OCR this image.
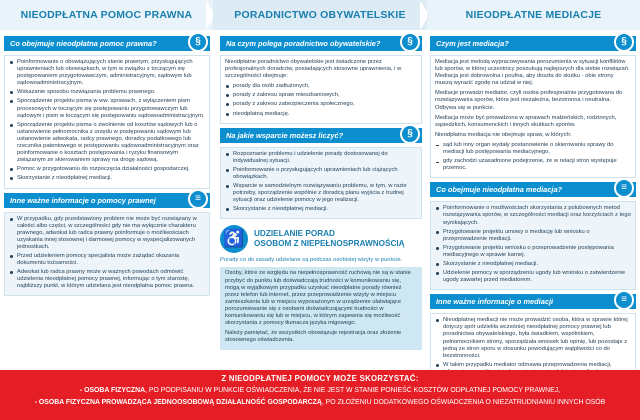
NIEODPŁATNA POMOC PRAWNA	PORADNICTWO OBYWATELSKIE	NIEODPŁATNE MEDIACJE
Co obejmuje nieodpłatna pomoc prawna?	§
Poinformowanie o obowiązujących stanie prawnym, przysługujących uprawnieniach lub obowiązkach, w tym w związku z toczącym się postępowaniem przygotowawczym, administracyjnym, sądowym lub sądowoadministracyjnym.
Wskazanie sposobu rozwiązania problemu prawnego.
Sporządzenie projektu pisma w ww. sprawach, z wyłączeniem pism procesowych w toczącym się postępowaniu przygotowawczym lub sądowym i pism w toczącym się postępowaniu sądowoadministracyjnym.
Sporządzenie projektu pisma o zwolnienie od kosztów sądowych lub o ustanowienie pełnomocnika z urzędu w postępowaniu sądowym lub ustanowienie adwokata, radcy prawnego, doradcy podatkowego lub rzecznika patentowego w postępowaniu sądowoadministracyjnym oraz poinformowanie o kosztach postępowania i ryzyku finansowym związanym ze skierowaniem sprawy na drogę sądową.
Pomoc w przygotowaniu do rozpoczęcia działalności gospodarczej.
Skorzystanie z nieodpłatnej mediacji.
Inne ważne informacje o pomocy prawnej	≡
W przypadku, gdy przedstawiony problem nie może być rozwiązany w całości albo części, w szczególności gdy nie ma wyłącznie charakteru prawnego, adwokat lub radca prawny poinformuje o możliwościach uzyskania innej stosownej i darmowej pomocy w wyspecjalizowanych jednostkach.
Przed udzieleniem pomocy specjalista może zażądać okazania dokumentu tożsamości.
Adwokat lub radca prawny może w ważnych powodach odmówić udzielenia nieodpłatnej pomocy prawnej, informując o tym starostę, najbliższy punkt, w którym udzielana jest nieodpłatna pomoc prawna.
Na czym polega poradnictwo obywatelskie?	§

Nieodpłatne poradnictwo obywatelskie jest świadczone przez profesjonalnych doradców, posiadających stosowne uprawnienia, i w szczególności obejmuje:

porady dla osób zadłużonych,
porady z zakresu spraw mieszkaniowych,
porady z zakresu zabezpieczenia społecznego,
nieodpłatną mediację.
Na jakie wsparcie możesz liczyć?	§
Rozpoznanie problemu i udzielenie porady dostosowanej do indywidualnej sytuacji.
Poinformowanie o przysługujących uprawnieniach lub ciążących obowiązkach.
Wsparcie w samodzielnym rozwiązywaniu problemu, w tym, w razie potrzeby, sporządzenie wspólnie z doradcą planu wyjścia z trudnej sytuacji oraz udzielenie pomocy w jego realizacji.
Skorzystanie z nieodpłatnej mediacji.
♿	UDZIELANIE PORAD
OSOBOM Z NIEPEŁNOSPRAWNOŚCIĄ

Porady co do zasady udzielane są podczas osobistej wizyty w punkcie.

Osoby, które ze względu na niepełnosprawność ruchową nie są w stanie przybyć do punktu lub doświadczają trudności w komunikowaniu się, mogą w wyjątkowym przypadku uzyskać nieodpłatne porady również przez telefon lub internet, przez przeprowadzenie wizyty w miejscu zamieszkania lub w miejscu wyposażonym w urządzenie ułatwiające porozumiewanie się z osobami doświadczającymi trudności w komunikowaniu się lub w miejscu, w którym zapewnia się możliwość skorzystania z pomocy tłumacza języka migowego.

Należy pamiętać, że wszystkich obowiązuje rejestracja oraz złożenie stosownego oświadczenia.

Czym jest mediacja?	§

Mediacja jest metodą wypracowywania porozumienia w sytuacji konfliktów lub sporów, w której uczestnicy poszukują najlepszych dla siebie rozwiązań. Mediacja jest dobrowolna i poufna, aby doszła do skutku - obie strony muszą wyrazić zgodę na udział w niej.

Mediacje prowadzi mediator, czyli osoba profesjonalnie przygotowana do rozwiązywania sporów, która jest niezależna, bezstronna i neutralna. Odbywa się w punkcie.

Mediacja może być prowadzona w sprawach małżeńskich, rodzinnych, sąsiedzkich, konsumenckich i innych skutkach sporów.

Nieodpłatna mediacja nie obejmuje spraw, w których:

sąd lub inny organ wydały postanowienie o skierowaniu sprawy do mediacji lub postępowania mediacyjnego,
gdy zachodzi uzasadnione podejrzenie, że w relacji stron występuje przemoc.
Co obejmuje nieodpłatna mediacja?	≡
Poinformowanie o możliwościach skorzystania z polubownych metod rozwiązywania sporów, w szczególności mediacji oraz korzyściach z tego wynikających.
Przygotowanie projektu umowy o mediację lub wniosku o przeprowadzenie mediacji.
Przygotowanie projektu wniosku o przeprowadzenie postępowania mediacyjnego w sprawie karnej.
Skorzystanie z nieodpłatnej mediacji.
Udzielenie pomocy w sporządzeniu ugody lub wniosku o zatwierdzenie ugody zawartej przed mediatorem.
Inne ważne informacje o mediacji	≡
Nieodpłatnej mediacji nie może prowadzić osoba, która w sprawie której dotyczy spór udzieliła wcześniej nieodpłatnej pomocy prawnej lub poradnictwa obywatelskiego, była świadkiem, wspólnikiem, pełnomocnikiem strony, sporządzała wniosek lub opinię, lub pozostaje z jedną ze stron sporu w stosunku powodującym wątpliwości co do bezstronności.
W takim przypadku mediator odmawia przeprowadzenia mediacji,
Z NIEODPŁATNEJ POMOCY MOŻE SKORZYSTAĆ:
- OSOBA FIZYCZNA, PO PODPISANIU W PUNKCIE OŚWIADCZENIA, ŻE NIE JEST W STANIE PONIEŚĆ KOSZTÓW ODPŁATNEJ POMOCY PRAWNEJ,
- OSOBA FIZYCZNA PROWADZĄCA JEDNOOSOBOWĄ DZIAŁALNOŚĆ GOSPODARCZĄ, PO ZŁOŻENIU DODATKOWEGO OŚWIADCZENIA O NIEZATRUDNIANIU INNYCH OSÓB
